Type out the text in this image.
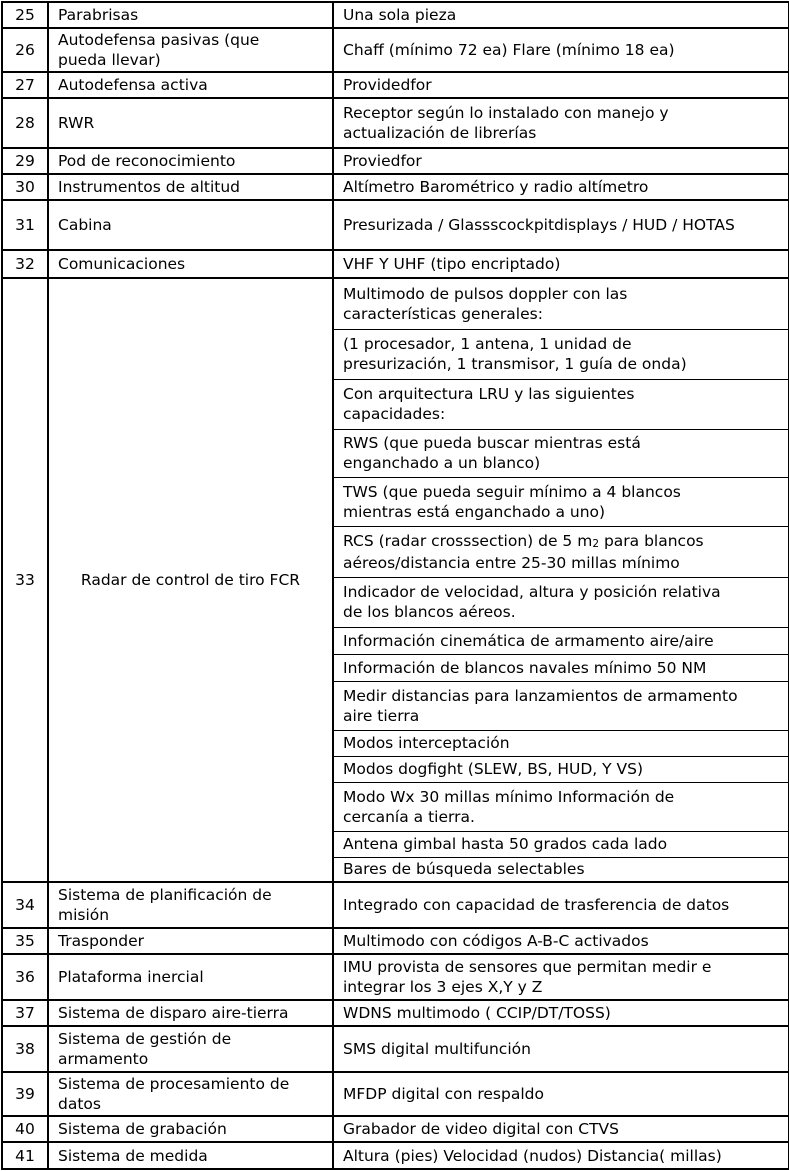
25	Parabrisas	Una sola pieza
26	Autodefensa pasivas (que pueda llevar)	Chaff (mínimo 72 ea) Flare (mínimo 18 ea)
27	Autodefensa activa	Providedfor
28	RWR	Receptor según lo instalado con manejo y actualización de librerías
29	Pod de reconocimiento	Proviedfor
30	Instrumentos de altitud	Altímetro Barométrico y radio altímetro
31	Cabina	Presurizada / Glassscockpitdisplays / HUD / HOTAS
32	Comunicaciones	VHF Y UHF (tipo encriptado)
33	Radar de control de tiro FCR	Multimodo de pulsos doppler con las características generales:
		(1 procesador, 1 antena, 1 unidad de presurización, 1 transmisor, 1 guía de onda)
		Con arquitectura LRU y las siguientes capacidades:
		RWS (que pueda buscar mientras está enganchado a un blanco)
		TWS (que pueda seguir mínimo a 4 blancos mientras está enganchado a uno)
		RCS (radar crosssection) de 5 m2 para blancos aéreos/distancia entre 25-30 millas mínimo
		Indicador de velocidad, altura y posición relativa de los blancos aéreos.
		Información cinemática de armamento aire/aire
		Información de blancos navales mínimo 50 NM
		Medir distancias para lanzamientos de armamento aire tierra
		Modos interceptación
		Modos dogfight (SLEW, BS, HUD, Y VS)
		Modo Wx 30 millas mínimo Información de cercanía a tierra.
		Antena gimbal hasta 50 grados cada lado
		Bares de búsqueda selectables
34	Sistema de planificación de misión	Integrado con capacidad de trasferencia de datos
35	Trasponder	Multimodo con códigos A-B-C activados
36	Plataforma inercial	IMU provista de sensores que permitan medir e integrar los 3 ejes X,Y y Z
37	Sistema de disparo aire-tierra	WDNS multimodo ( CCIP/DT/TOSS)
38	Sistema de gestión de armamento	SMS digital multifunción
39	Sistema de procesamiento de datos	MFDP digital con respaldo
40	Sistema de grabación	Grabador de video digital con CTVS
41	Sistema de medida	Altura (pies) Velocidad (nudos) Distancia( millas)
